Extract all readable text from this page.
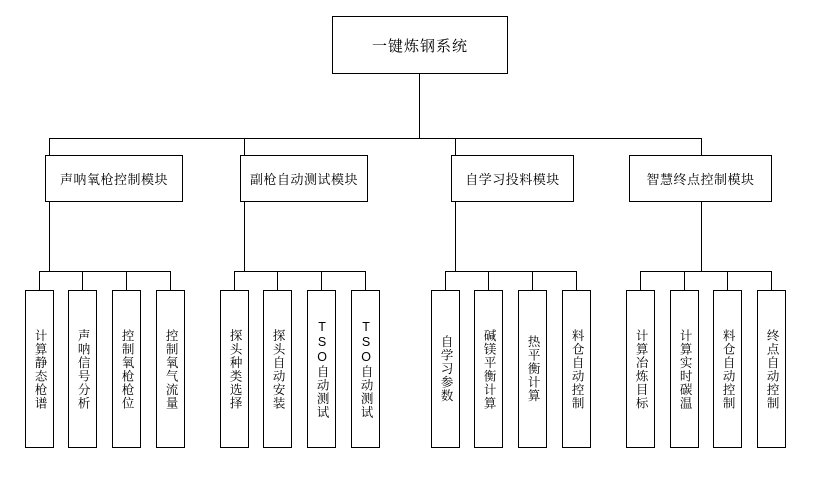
一键炼钢系统
声呐氧枪控制模块	副枪自动测试模块	自学习投料模块	智慧终点控制模块
计算静态枪谱 声呐信号分析 控制氧枪枪位 控制氧气流量	探头种类选择 探头自动安装 TSO自动测试 TSO自动测试	自学习参数 碱镁平衡计算 热平衡计算 料仓自动控制	计算冶炼目标 计算实时碳温 料仓自动控制 终点自动控制
